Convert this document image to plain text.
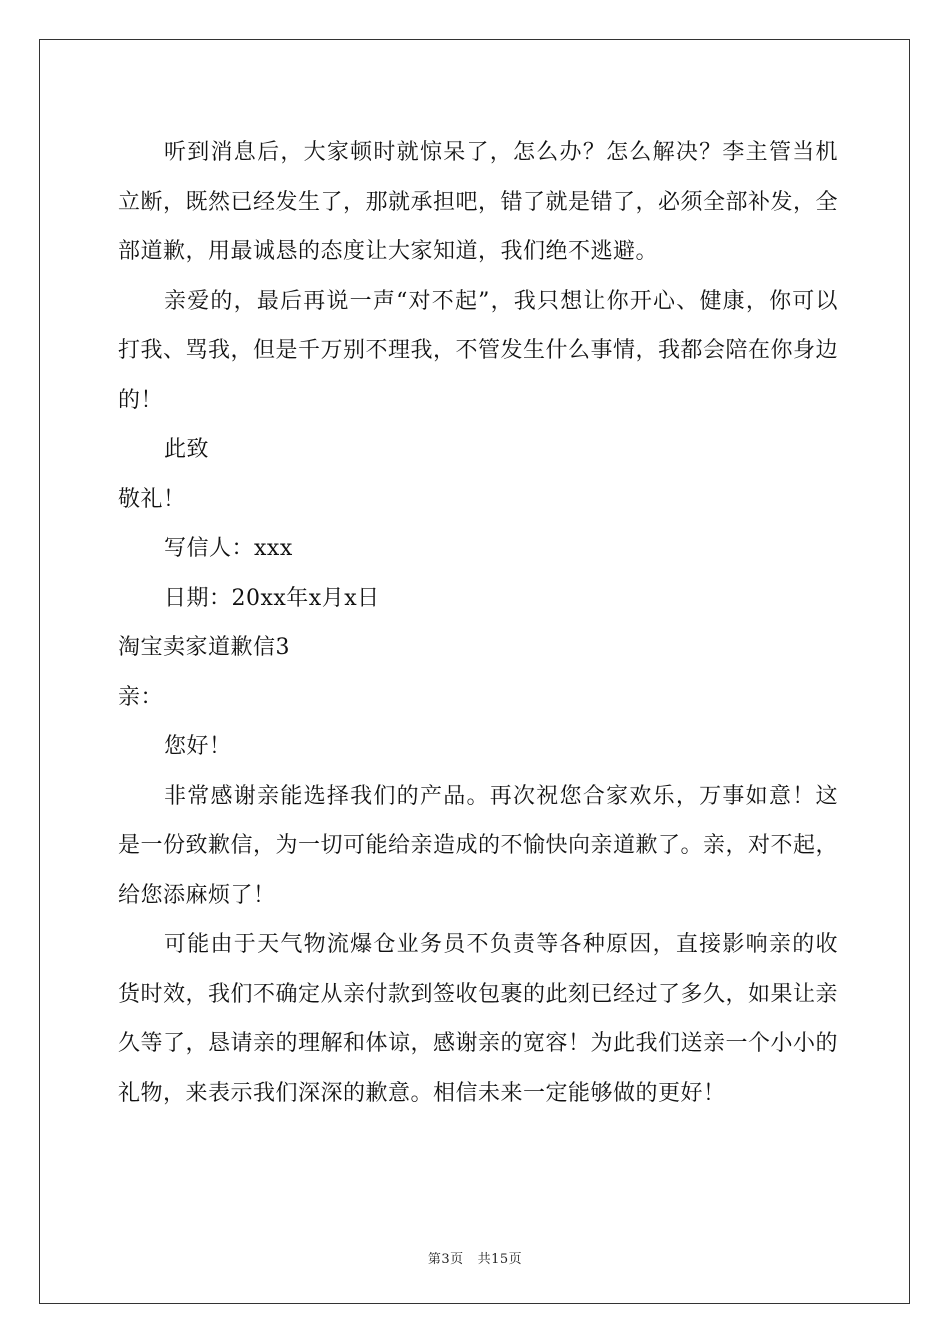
听到消息后，大家顿时就惊呆了，怎么办？怎么解决？李主管当机立断，既然已经发生了，那就承担吧，错了就是错了，必须全部补发，全部道歉，用最诚恳的态度让大家知道，我们绝不逃避。

亲爱的，最后再说一声“对不起”，我只想让你开心、健康，你可以打我、骂我，但是千万别不理我，不管发生什么事情，我都会陪在你身边的！

此致

敬礼！

写信人：xxx

日期：20xx年x月x日

淘宝卖家道歉信3

亲：

您好！

非常感谢亲能选择我们的产品。再次祝您合家欢乐，万事如意！这是一份致歉信，为一切可能给亲造成的不愉快向亲道歉了。亲，对不起，给您添麻烦了！

可能由于天气物流爆仓业务员不负责等各种原因，直接影响亲的收货时效，我们不确定从亲付款到签收包裹的此刻已经过了多久，如果让亲久等了，恳请亲的理解和体谅，感谢亲的宽容！为此我们送亲一个小小的礼物，来表示我们深深的歉意。相信未来一定能够做的更好！

第3页 共15页
